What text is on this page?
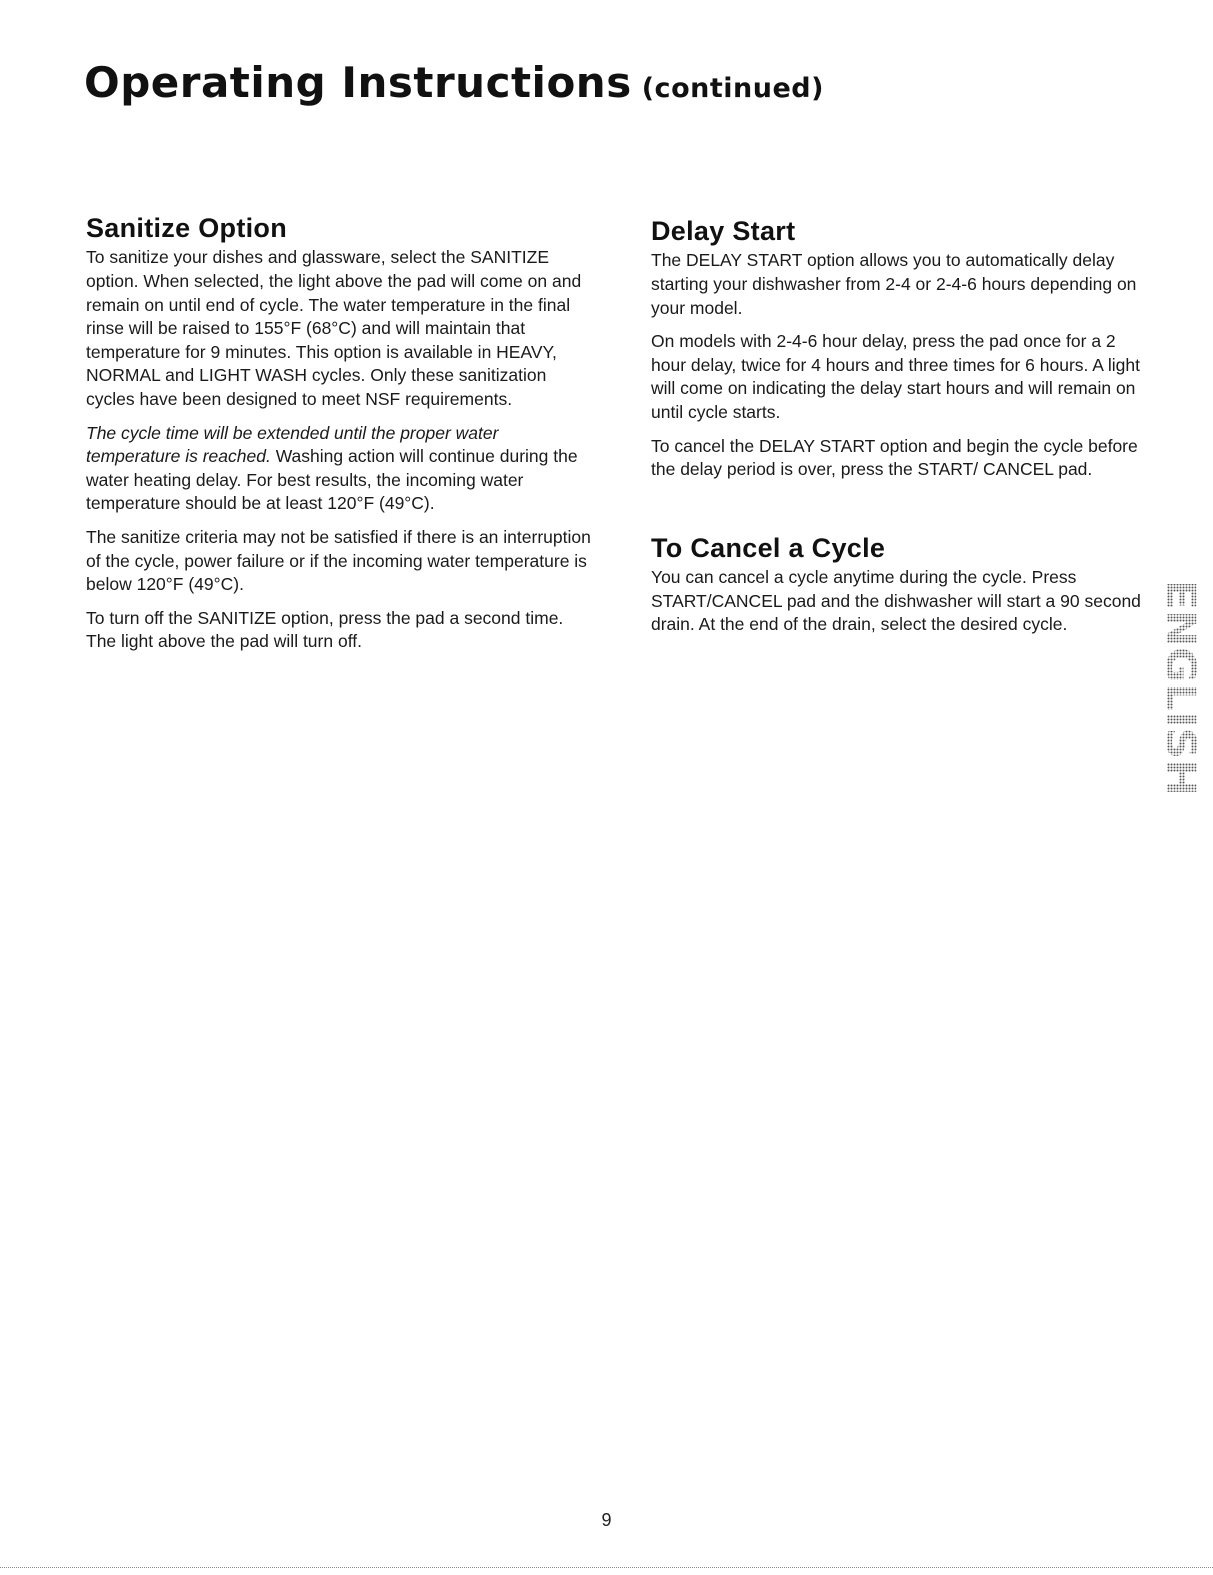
Operating Instructions (continued)
Sanitize Option

To sanitize your dishes and glassware, select the SANITIZE option. When selected, the light above the pad will come on and remain on until end of cycle. The water temperature in the final rinse will be raised to 155°F (68°C) and will maintain that temperature for 9 minutes. This option is available in HEAVY, NORMAL and LIGHT WASH cycles. Only these sanitization cycles have been designed to meet NSF requirements.

The cycle time will be extended until the proper water temperature is reached. Washing action will continue during the water heating delay. For best results, the incoming water temperature should be at least 120°F (49°C).

The sanitize criteria may not be satisfied if there is an interruption of the cycle, power failure or if the incoming water temperature is below 120°F (49°C).

To turn off the SANITIZE option, press the pad a second time. The light above the pad will turn off.

Delay Start

The DELAY START option allows you to automatically delay starting your dishwasher from 2-4 or 2-4-6 hours depending on your model.

On models with 2-4-6 hour delay, press the pad once for a 2 hour delay, twice for 4 hours and three times for 6 hours. A light will come on indicating the delay start hours and will remain on until cycle starts.

To cancel the DELAY START option and begin the cycle before the delay period is over, press the START/ CANCEL pad.

To Cancel a Cycle

You can cancel a cycle anytime during the cycle. Press START/CANCEL pad and the dishwasher will start a 90 second drain. At the end of the drain, select the desired cycle.	ENGLISH
9
